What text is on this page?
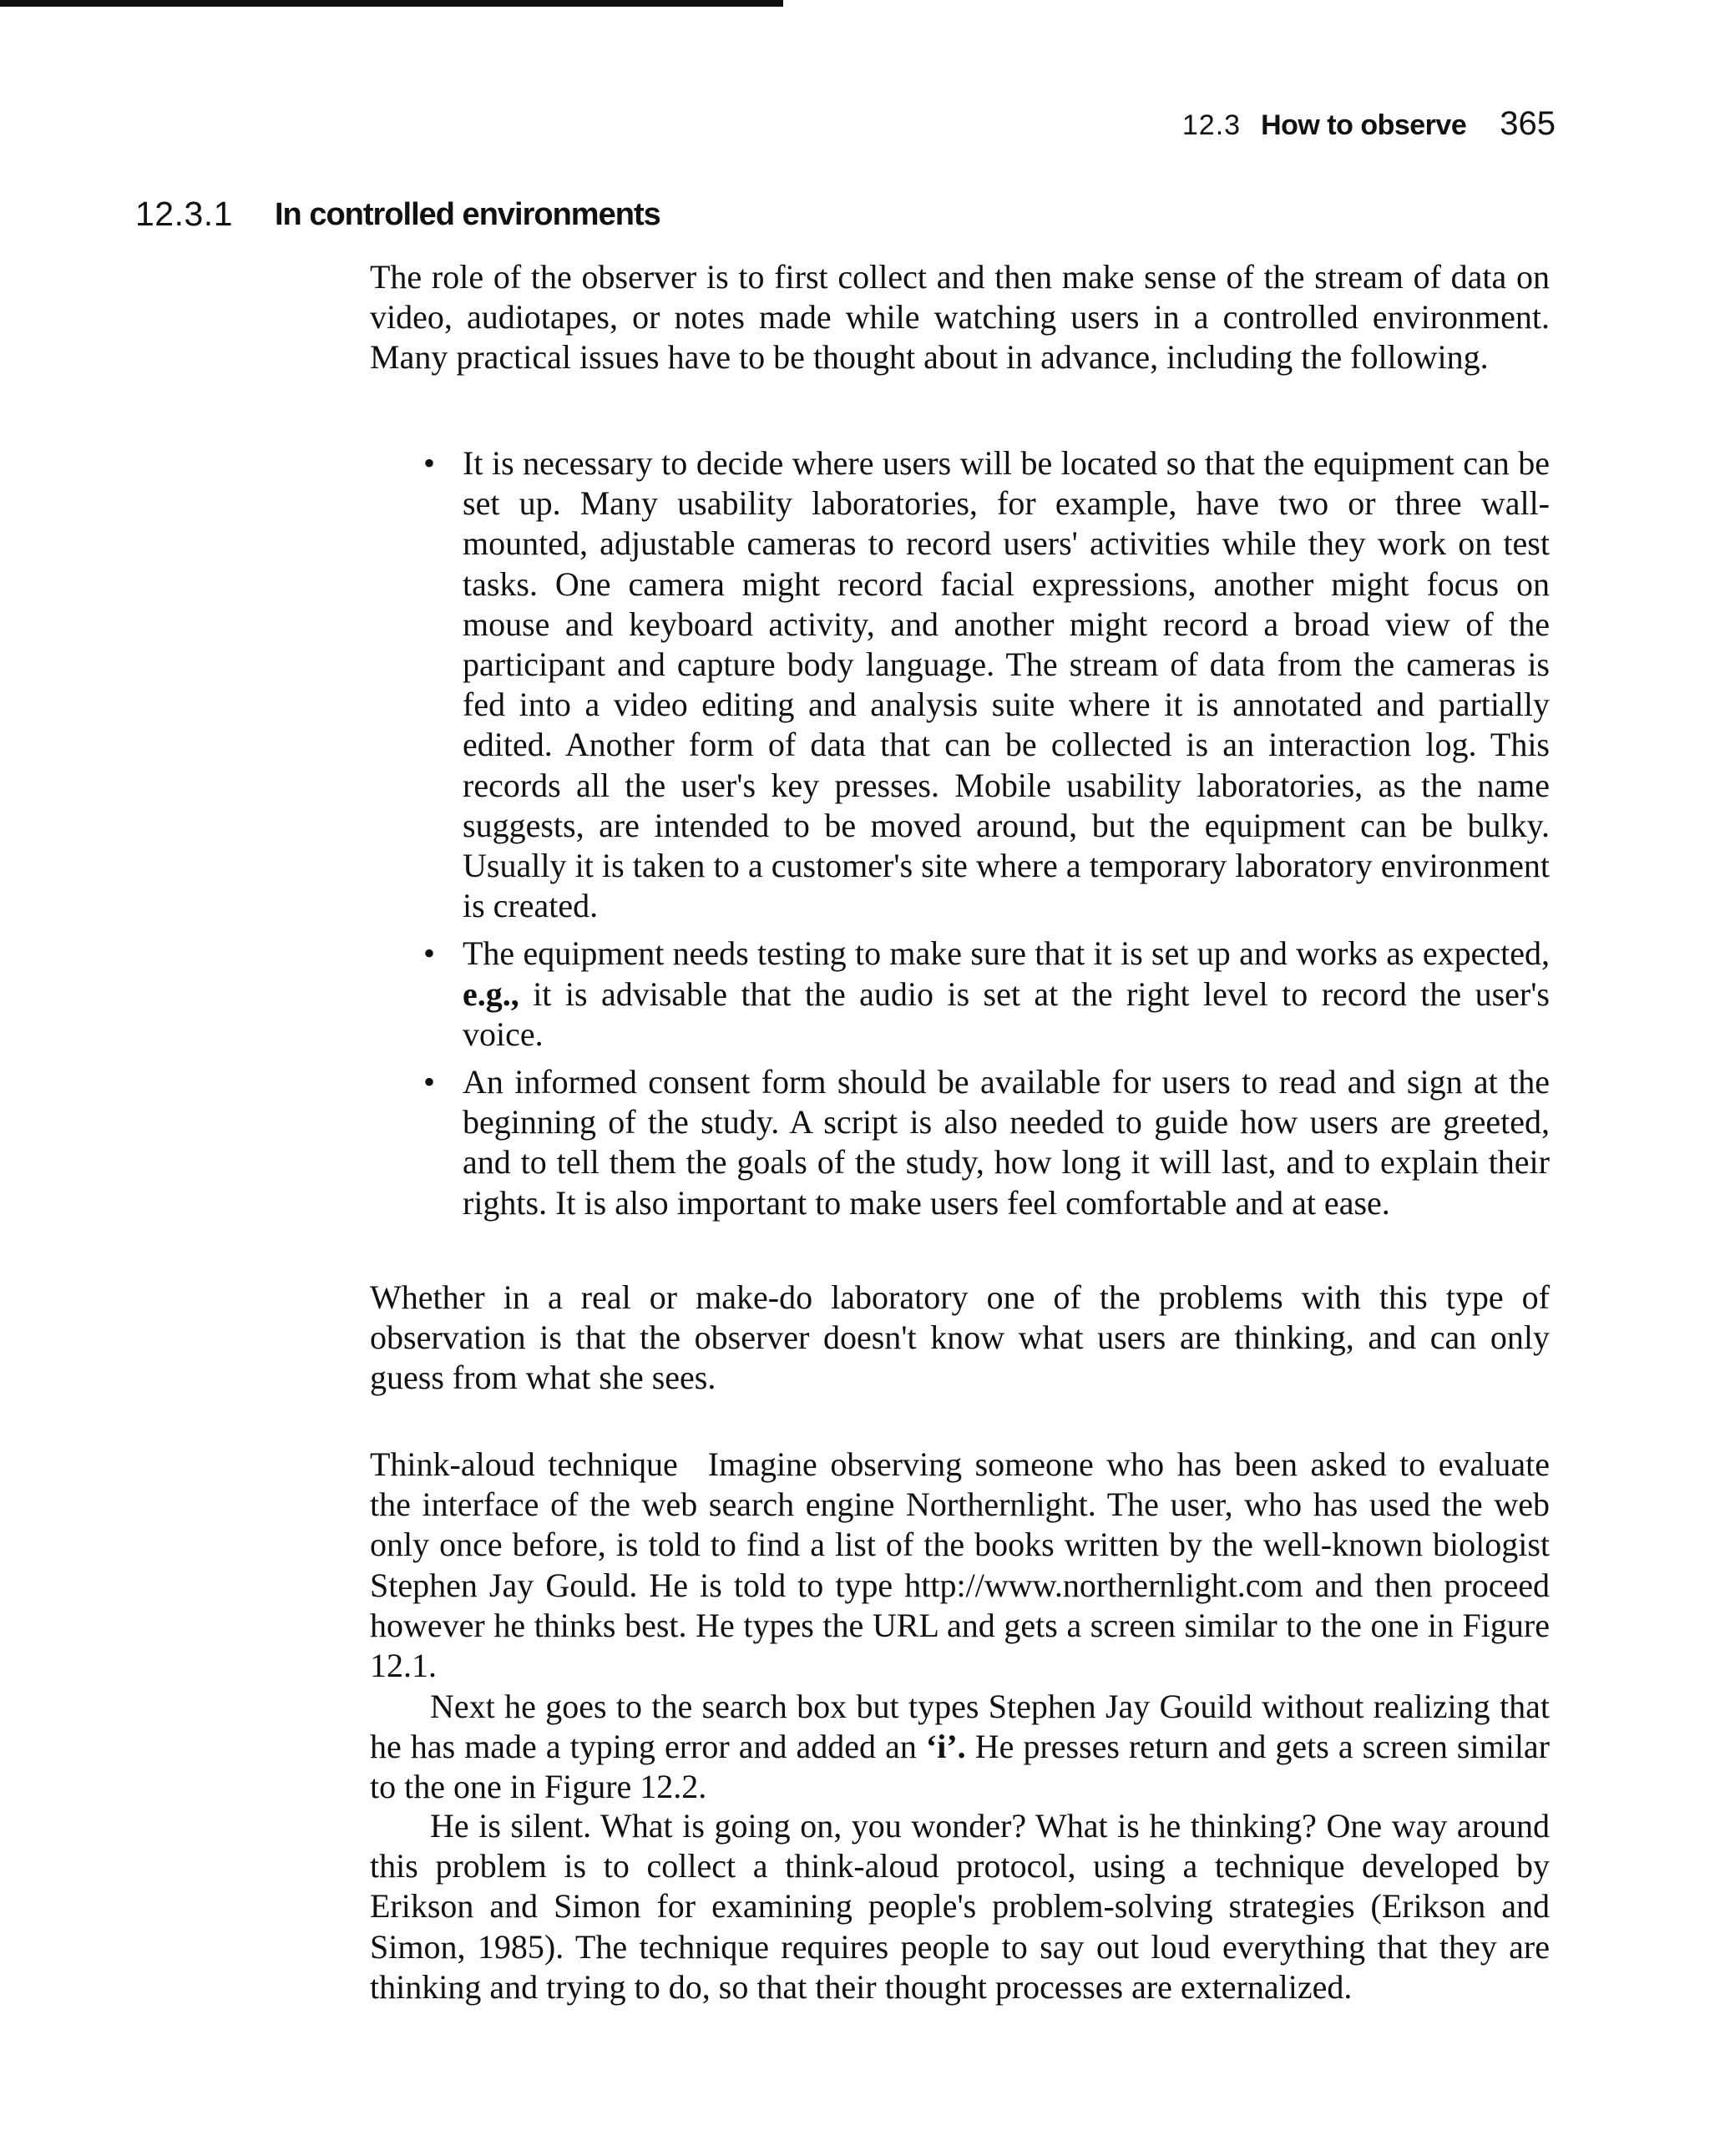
12.3 How to observe 365
12.3.1 In controlled environments

The role of the observer is to first collect and then make sense of the stream of data on video, audiotapes, or notes made while watching users in a controlled environment. Many practical issues have to be thought about in advance, including the following.

• It is necessary to decide where users will be located so that the equipment can be set up. Many usability laboratories, for example, have two or three wall-mounted, adjustable cameras to record users' activities while they work on test tasks. One camera might record facial expressions, another might focus on mouse and keyboard activity, and another might record a broad view of the participant and capture body language. The stream of data from the cameras is fed into a video editing and analysis suite where it is annotated and partially edited. Another form of data that can be collected is an interaction log. This records all the user's key presses. Mobile usability laboratories, as the name suggests, are intended to be moved around, but the equipment can be bulky. Usually it is taken to a customer's site where a temporary laboratory environment is created.
• The equipment needs testing to make sure that it is set up and works as expected, e.g., it is advisable that the audio is set at the right level to record the user's voice.
• An informed consent form should be available for users to read and sign at the beginning of the study. A script is also needed to guide how users are greeted, and to tell them the goals of the study, how long it will last, and to explain their rights. It is also important to make users feel comfortable and at ease.

Whether in a real or make-do laboratory one of the problems with this type of observation is that the observer doesn't know what users are thinking, and can only guess from what she sees.

Think-aloud technique Imagine observing someone who has been asked to evaluate the interface of the web search engine Northernlight. The user, who has used the web only once before, is told to find a list of the books written by the well-known biologist Stephen Jay Gould. He is told to type http://www.northernlight.com and then proceed however he thinks best. He types the URL and gets a screen similar to the one in Figure 12.1.

Next he goes to the search box but types Stephen Jay Gouild without realizing that he has made a typing error and added an ‘i’. He presses return and gets a screen similar to the one in Figure 12.2.

He is silent. What is going on, you wonder? What is he thinking? One way around this problem is to collect a think-aloud protocol, using a technique developed by Erikson and Simon for examining people's problem-solving strategies (Erikson and Simon, 1985). The technique requires people to say out loud everything that they are thinking and trying to do, so that their thought processes are externalized.
